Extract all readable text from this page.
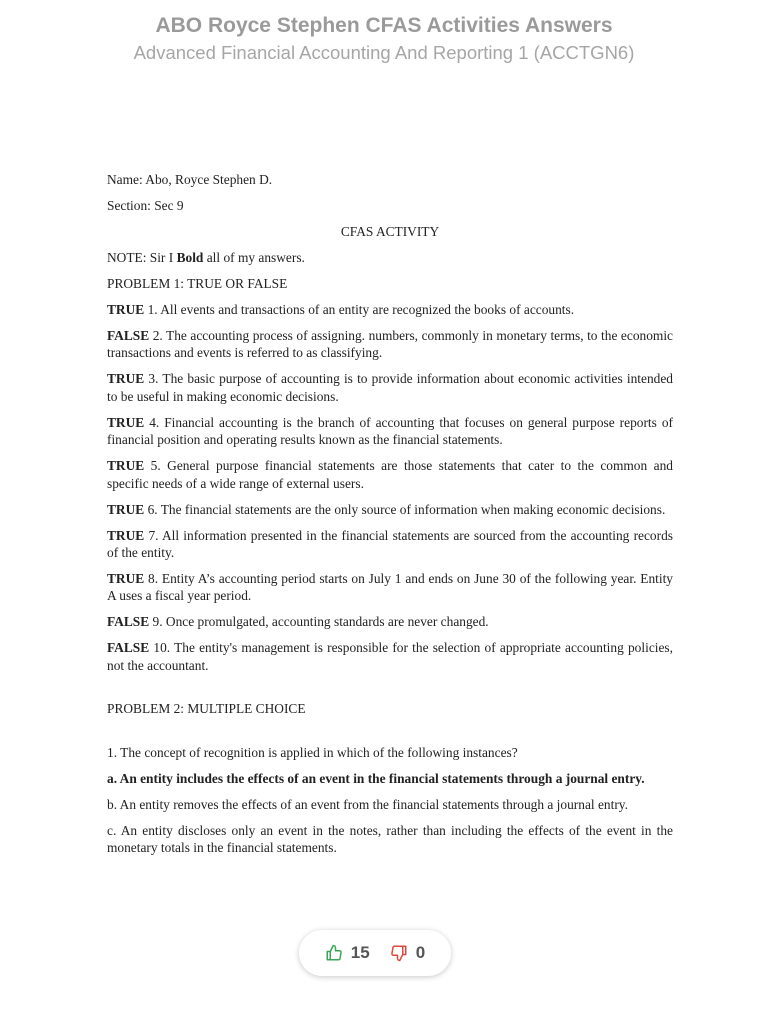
ABO Royce Stephen CFAS Activities Answers
Advanced Financial Accounting And Reporting 1 (ACCTGN6)

Name: Abo, Royce Stephen D.

Section: Sec 9

CFAS ACTIVITY

NOTE: Sir I Bold all of my answers.

PROBLEM 1: TRUE OR FALSE

TRUE 1. All events and transactions of an entity are recognized the books of accounts.

FALSE 2. The accounting process of assigning. numbers, commonly in monetary terms, to the economic transactions and events is referred to as classifying.

TRUE 3. The basic purpose of accounting is to provide information about economic activities intended to be useful in making economic decisions.

TRUE 4. Financial accounting is the branch of accounting that focuses on general purpose reports of financial position and operating results known as the financial statements.

TRUE 5. General purpose financial statements are those statements that cater to the common and specific needs of a wide range of external users.

TRUE 6. The financial statements are the only source of information when making economic decisions.

TRUE 7. All information presented in the financial statements are sourced from the accounting records of the entity.

TRUE 8. Entity A’s accounting period starts on July 1 and ends on June 30 of the following year. Entity A uses a fiscal year period.

FALSE 9. Once promulgated, accounting standards are never changed.

FALSE 10. The entity's management is responsible for the selection of appropriate accounting policies, not the accountant.

PROBLEM 2: MULTIPLE CHOICE

1. The concept of recognition is applied in which of the following instances?

a. An entity includes the effects of an event in the financial statements through a journal entry.

b. An entity removes the effects of an event from the financial statements through a journal entry.

c. An entity discloses only an event in the notes, rather than including the effects of the event in the monetary totals in the financial statements.

15	0
